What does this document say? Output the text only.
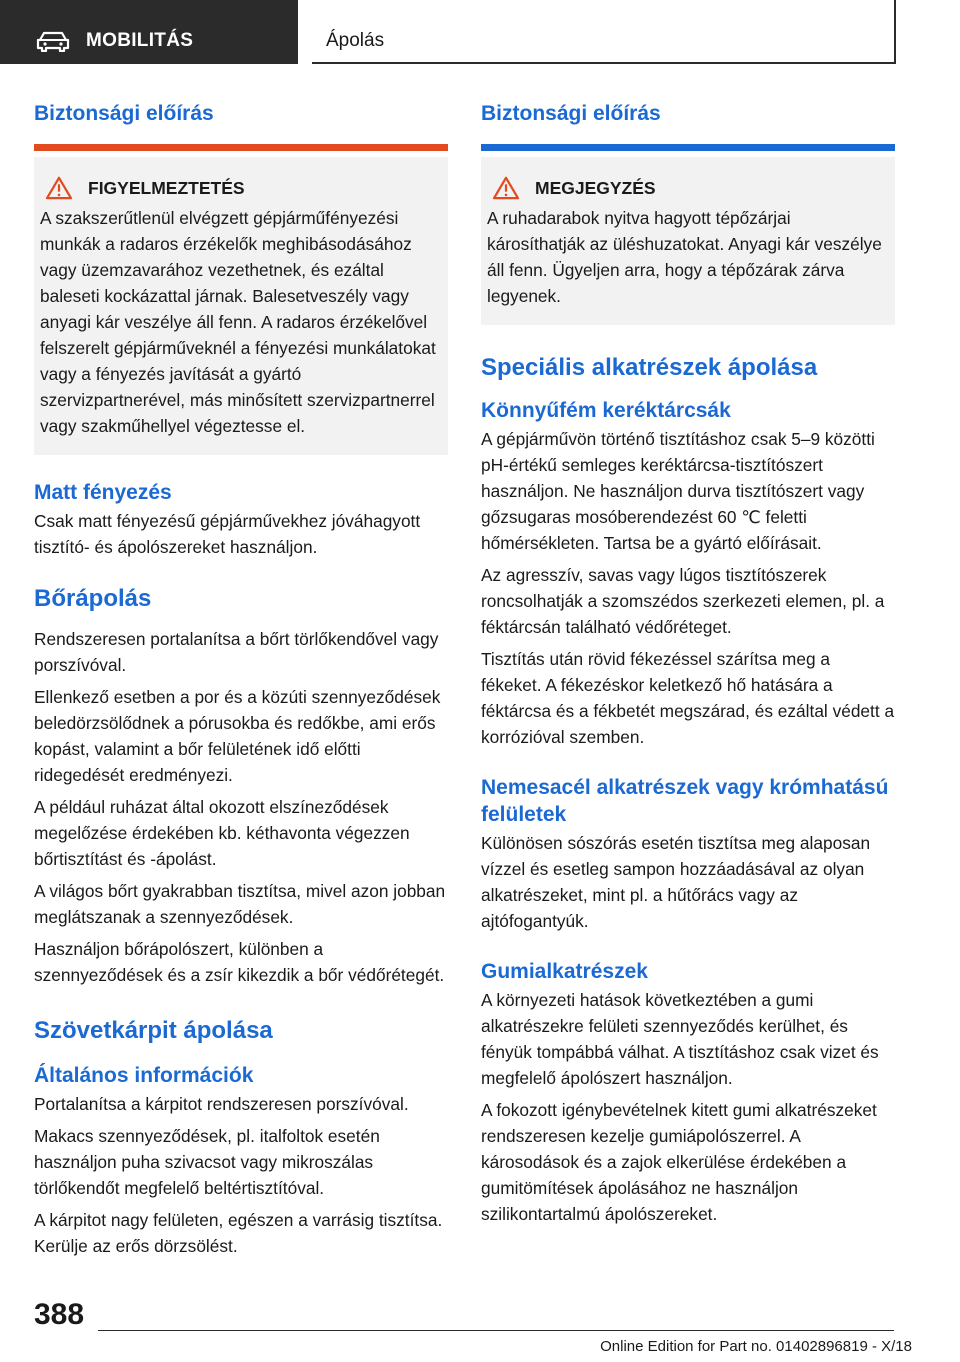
MOBILITÁS	Ápolás
Biztonsági előírás
FIGYELMEZTETÉS

A szakszerűtlenül elvégzett gépjárműfényezési munkák a radaros érzékelők meghibásodásához vagy üzemzavarához vezethetnek, és ezáltal baleseti kockázattal járnak. Balesetveszély vagy anyagi kár veszélye áll fenn. A radaros érzékelővel felszerelt gépjárműveknél a fényezési munkálatokat vagy a fényezés javítását a gyártó szervizpartnerével, más minősített szervizpartnerrel vagy szakműhellyel végeztesse el.

Matt fényezés

Csak matt fényezésű gépjárművekhez jóváhagyott tisztító- és ápolószereket használjon.

Bőrápolás

Rendszeresen portalanítsa a bőrt törlőkendővel vagy porszívóval.

Ellenkező esetben a por és a közúti szennyeződések beledörzsölődnek a pórusokba és redőkbe, ami erős kopást, valamint a bőr felületének idő előtti ridegedését eredményezi.

A például ruházat által okozott elszíneződések megelőzése érdekében kb. kéthavonta végezzen bőrtisztítást és -ápolást.

A világos bőrt gyakrabban tisztítsa, mivel azon jobban meglátszanak a szennyeződések.

Használjon bőrápolószert, különben a szennyeződések és a zsír kikezdik a bőr védőrétegét.

Szövetkárpit ápolása
Általános információk

Portalanítsa a kárpitot rendszeresen porszívóval.

Makacs szennyeződések, pl. italfoltok esetén használjon puha szivacsot vagy mikroszálas törlőkendőt megfelelő beltértisztítóval.

A kárpitot nagy felületen, egészen a varrásig tisztítsa. Kerülje az erős dörzsölést.

Biztonsági előírás
MEGJEGYZÉS

A ruhadarabok nyitva hagyott tépőzárjai károsíthatják az üléshuzatokat. Anyagi kár veszélye áll fenn. Ügyeljen arra, hogy a tépőzárak zárva legyenek.

Speciális alkatrészek ápolása
Könnyűfém keréktárcsák

A gépjárművön történő tisztításhoz csak 5–9 közötti pH-értékű semleges keréktárcsa-tisztítószert használjon. Ne használjon durva tisztítószert vagy gőzsugaras mosóberendezést 60 ℃ feletti hőmérsékleten. Tartsa be a gyártó előírásait.

Az agresszív, savas vagy lúgos tisztítószerek roncsolhatják a szomszédos szerkezeti elemen, pl. a féktárcsán található védőréteget.

Tisztítás után rövid fékezéssel szárítsa meg a fékeket. A fékezéskor keletkező hő hatására a féktárcsa és a fékbetét megszárad, és ezáltal védett a korrózióval szemben.

Nemesacél alkatrészek vagy krómhatású felületek

Különösen sószórás esetén tisztítsa meg alaposan vízzel és esetleg sampon hozzáadásával az olyan alkatrészeket, mint pl. a hűtőrács vagy az ajtófogantyúk.

Gumialkatrészek

A környezeti hatások következtében a gumi alkatrészekre felületi szennyeződés kerülhet, és fényük tompábbá válhat. A tisztításhoz csak vizet és megfelelő ápolószert használjon.

A fokozott igénybevételnek kitett gumi alkatrészeket rendszeresen kezelje gumiápolószerrel. A károsodások és a zajok elkerülése érdekében a gumitömítések ápolásához ne használjon szilikontartalmú ápolószereket.

388
Online Edition for Part no. 01402896819 - X/18
